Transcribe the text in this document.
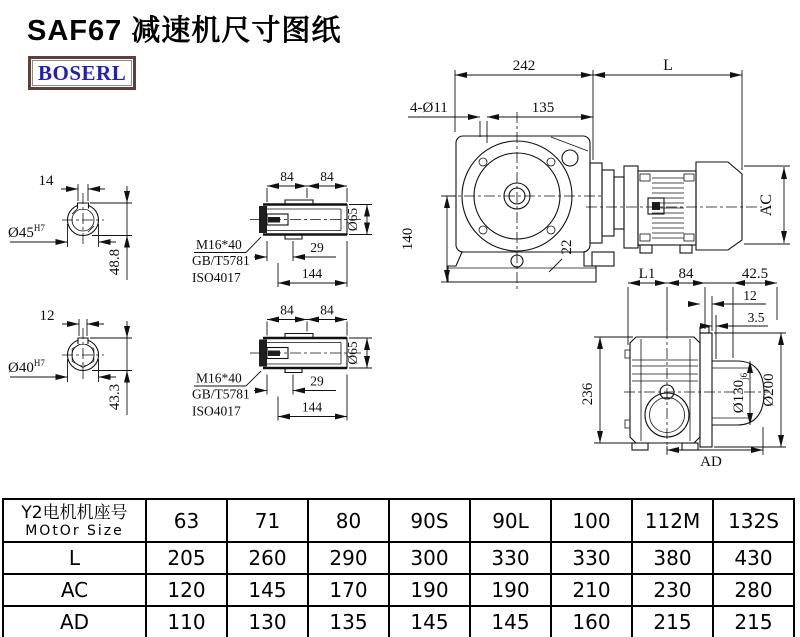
SAF67 减速机尺寸图纸
BOSERL	242	L
4-Ø11	135
140
AC
22
14
$Ø45^{H7}$
48.8
12
$Ø40^{H7}$
43.3
84 84
29
144
Ø65
M16*40
GB/T5781
ISO4017
84 84
29
144
Ø65
M16*40
GB/T5781
ISO4017
L1 84	42.5
12
3.5
236	$Ø130_{j6}$ Ø200
AD
Y2电机机座号
MOtOr Size	63	71	80	90S	90L	100	112M	132S
L	205	260	290	300	330	330	380	430
AC	120	145	170	190	190	210	230	280
AD	110	130	135	145	145	160	215	215
